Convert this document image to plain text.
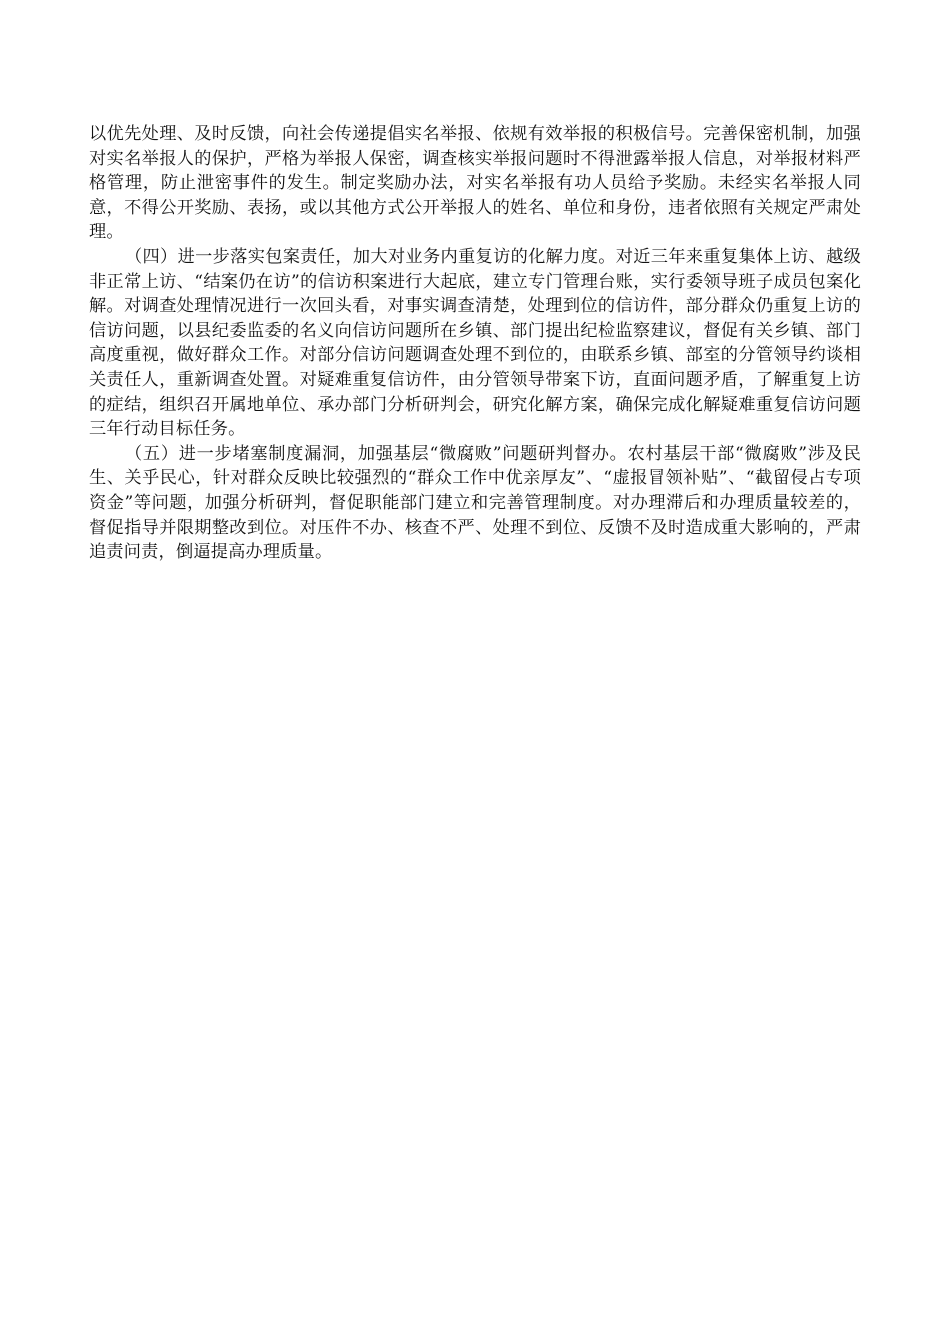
以优先处理、及时反馈，向社会传递提倡实名举报、依规有效举报的积极信号。完善保密机制，加强对实名举报人的保护，严格为举报人保密，调查核实举报问题时不得泄露举报人信息，对举报材料严格管理，防止泄密事件的发生。制定奖励办法，对实名举报有功人员给予奖励。未经实名举报人同意，不得公开奖励、表扬，或以其他方式公开举报人的姓名、单位和身份，违者依照有关规定严肃处理。

（四）进一步落实包案责任，加大对业务内重复访的化解力度。对近三年来重复集体上访、越级非正常上访、“结案仍在访”的信访积案进行大起底，建立专门管理台账，实行委领导班子成员包案化解。对调查处理情况进行一次回头看，对事实调查清楚，处理到位的信访件，部分群众仍重复上访的信访问题，以县纪委监委的名义向信访问题所在乡镇、部门提出纪检监察建议，督促有关乡镇、部门高度重视，做好群众工作。对部分信访问题调查处理不到位的，由联系乡镇、部室的分管领导约谈相关责任人，重新调查处置。对疑难重复信访件，由分管领导带案下访，直面问题矛盾，了解重复上访的症结，组织召开属地单位、承办部门分析研判会，研究化解方案，确保完成化解疑难重复信访问题三年行动目标任务。

（五）进一步堵塞制度漏洞，加强基层“微腐败”问题研判督办。农村基层干部“微腐败”涉及民生、关乎民心，针对群众反映比较强烈的“群众工作中优亲厚友”、“虚报冒领补贴”、“截留侵占专项资金”等问题，加强分析研判，督促职能部门建立和完善管理制度。对办理滞后和办理质量较差的，督促指导并限期整改到位。对压件不办、核查不严、处理不到位、反馈不及时造成重大影响的，严肃追责问责，倒逼提高办理质量。
